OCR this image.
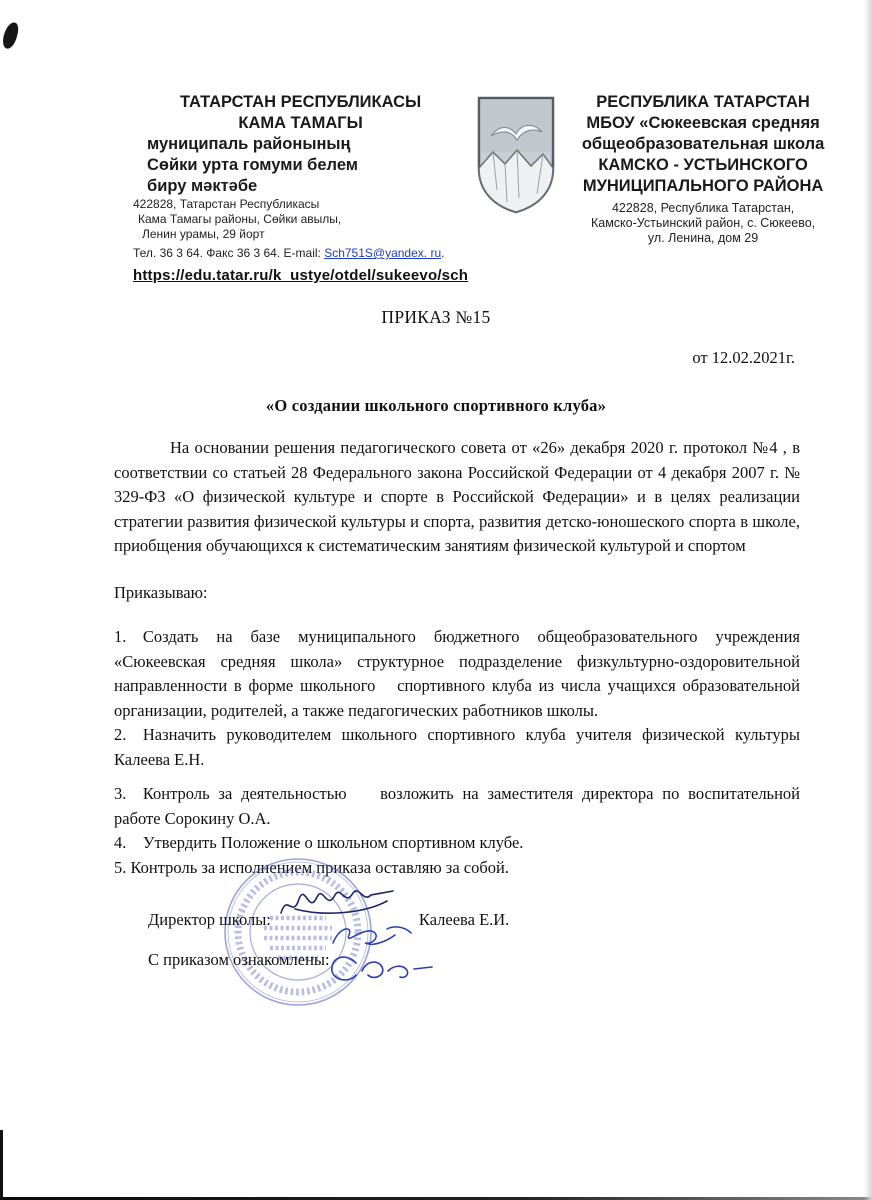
ТАТАРСТАН РЕСПУБЛИКАСЫ
КАМА ТАМАГЫ
муниципаль районының
Сөйки урта гомуми белем
биру мәктәбе
422828, Татарстан Республикасы
Кама Тамагы районы, Сөйки авылы,
Ленин урамы, 29 йорт
Тел. 36 3 64. Факс 36 3 64. E-mail: Sch751S@yandex. ru.
https://edu.tatar.ru/k_ustye/otdel/sukeevo/sch
РЕСПУБЛИКА ТАТАРСТАН
МБОУ «Сюкеевская средняя
общеобразовательная школа
КАМСКО - УСТЬИНСКОГО
МУНИЦИПАЛЬНОГО РАЙОНА
422828, Республика Татарстан,
Камско-Устьинский район, с. Сюкеево,
ул. Ленина, дом 29
ПРИКАЗ №15
от 12.02.2021г.
«О создании школьного спортивного клуба»

На основании решения педагогического совета от «26» декабря 2020 г. протокол №4 , в соответствии со статьей 28 Федерального закона Российской Федерации от 4 декабря 2007 г. № 329-ФЗ «О физической культуре и спорте в Российской Федерации» и в целях реализации стратегии развития физической культуры и спорта, развития детско-юношеского спорта в школе, приобщения обучающихся к систематическим занятиям физической культурой и спортом

Приказываю:

1. Создать на базе муниципального бюджетного общеобразовательного учреждения «Сюкеевская средняя школа» структурное подразделение физкультурно-оздоровительной направленности в форме школьного   спортивного клуба из числа учащихся образовательной организации, родителей, а также педагогических работников школы.

2. Назначить руководителем школьного спортивного клуба учителя физической культуры Калеева Е.Н.

3. Контроль за деятельностью   возложить на заместителя директора по воспитательной работе Сорокину О.А.

4. Утвердить Положение о школьном спортивном клубе.

5. Контроль за исполнением приказа оставляю за собой.

Директор школы:	Калеева Е.И.
С приказом ознакомлены:
